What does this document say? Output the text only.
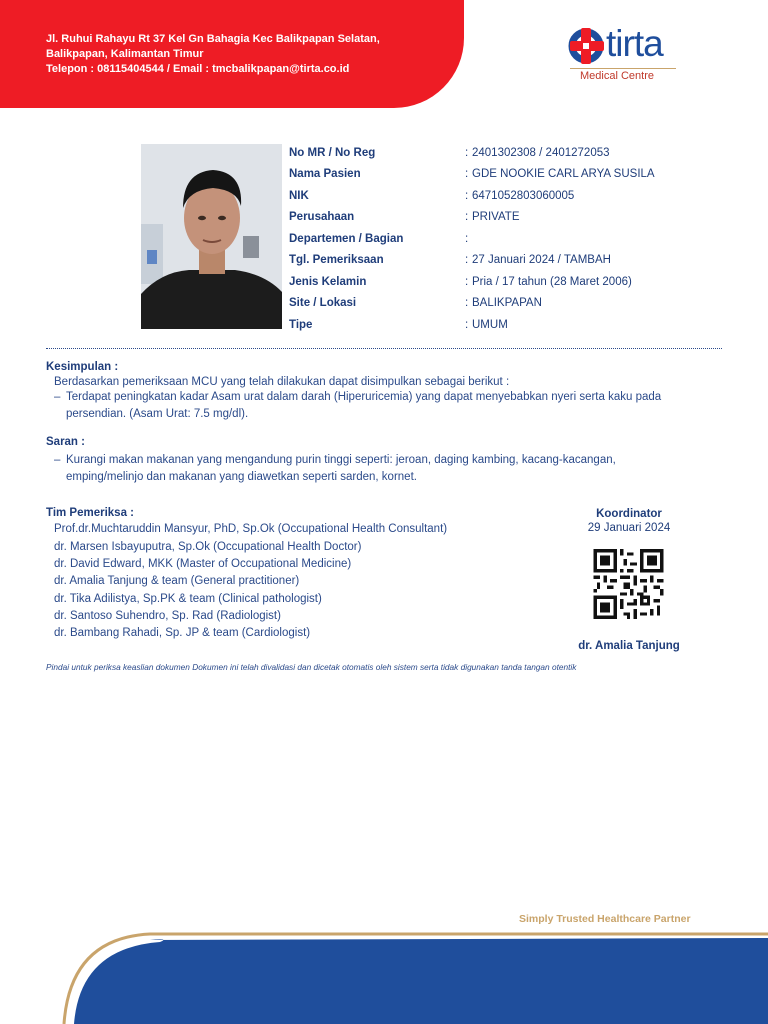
Jl. Ruhui Rahayu Rt 37 Kel Gn Bahagia Kec Balikpapan Selatan,
Balikpapan, Kalimantan Timur
Telepon : 08115404544 / Email : tmcbalikpapan@tirta.co.id
tirta
Medical Centre
No MR / No Reg	: 2401302308 / 2401272053
Nama Pasien	: GDE NOOKIE CARL ARYA SUSILA
NIK	: 6471052803060005
Perusahaan	: PRIVATE
Departemen / Bagian	:
Tgl. Pemeriksaan	: 27 Januari 2024 / TAMBAH
Jenis Kelamin	: Pria / 17 tahun (28 Maret 2006)
Site / Lokasi	: BALIKPAPAN
Tipe	: UMUM
Kesimpulan :
Berdasarkan pemeriksaan MCU yang telah dilakukan dapat disimpulkan sebagai berikut :
– Terdapat peningkatan kadar Asam urat dalam darah (Hiperuricemia) yang dapat menyebabkan nyeri serta kaku pada
persendian. (Asam Urat: 7.5 mg/dl).
Saran :
– Kurangi makan makanan yang mengandung purin tinggi seperti: jeroan, daging kambing, kacang-kacangan,
emping/melinjo dan makanan yang diawetkan seperti sarden, kornet.
Tim Pemeriksa :
Prof.dr.Muchtaruddin Mansyur, PhD, Sp.Ok (Occupational Health Consultant)
dr. Marsen Isbayuputra, Sp.Ok (Occupational Health Doctor)
dr. David Edward, MKK (Master of Occupational Medicine)
dr. Amalia Tanjung & team (General practitioner)
dr. Tika Adilistya, Sp.PK & team (Clinical pathologist)
dr. Santoso Suhendro, Sp. Rad (Radiologist)
dr. Bambang Rahadi, Sp. JP & team (Cardiologist)
Koordinator
29 Januari 2024
dr. Amalia Tanjung
Pindai untuk periksa keaslian dokumen Dokumen ini telah divalidasi dan dicetak otomatis oleh sistem serta tidak digunakan tanda tangan otentik
Simply Trusted Healthcare Partner
